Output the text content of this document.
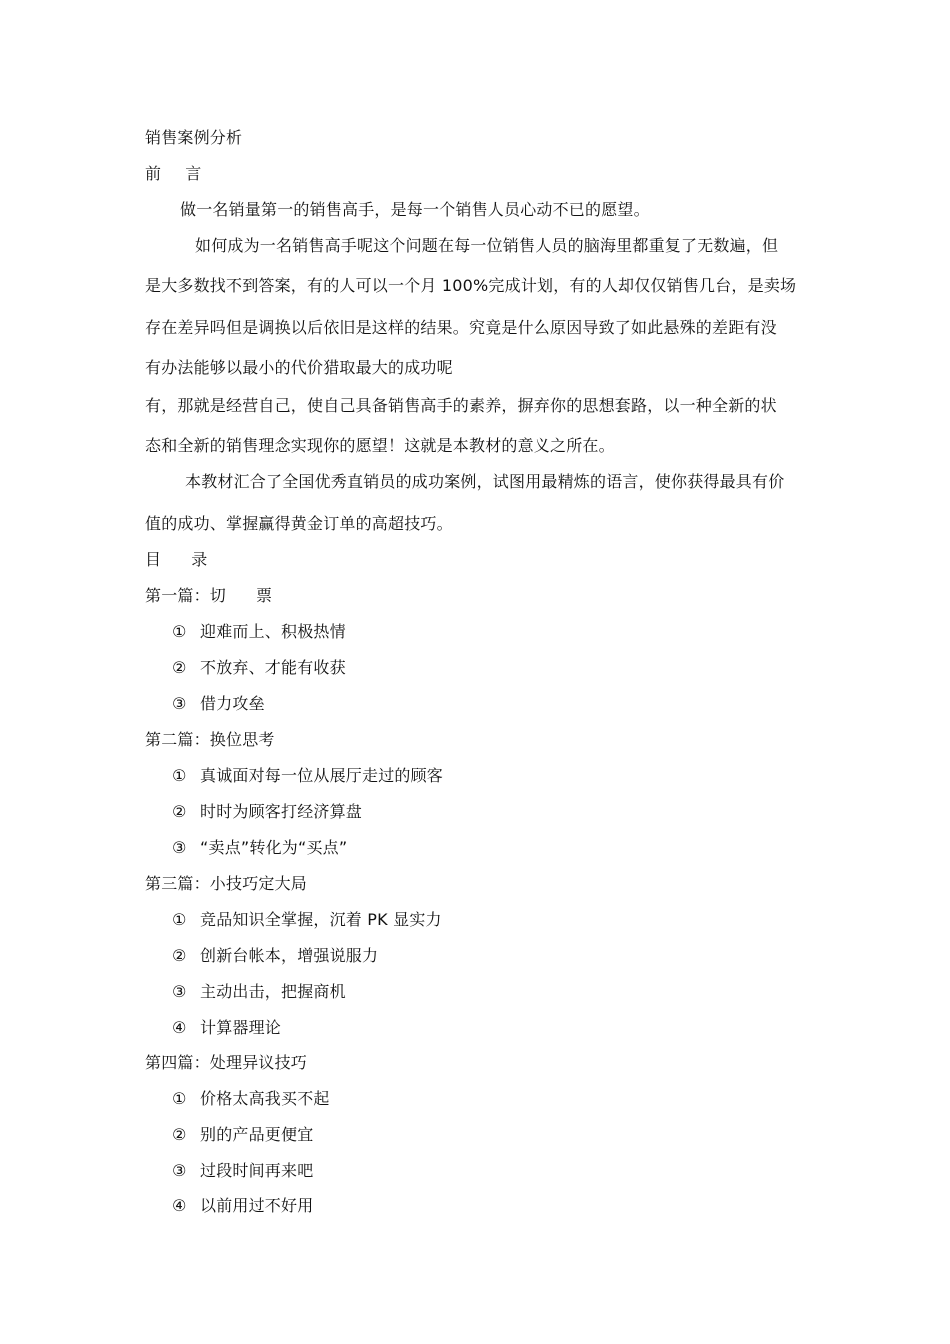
销售案例分析
前 言
做一名销量第一的销售高手，是每一个销售人员心动不已的愿望。
如何成为一名销售高手呢这个问题在每一位销售人员的脑海里都重复了无数遍，但
是大多数找不到答案，有的人可以一个月 100%完成计划，有的人却仅仅销售几台，是卖场
存在差异吗但是调换以后依旧是这样的结果。究竟是什么原因导致了如此悬殊的差距有没
有办法能够以最小的代价猎取最大的成功呢
有，那就是经营自己，使自己具备销售高手的素养，摒弃你的思想套路，以一种全新的状
态和全新的销售理念实现你的愿望！这就是本教材的意义之所在。
本教材汇合了全国优秀直销员的成功案例，试图用最精炼的语言，使你获得最具有价
值的成功、掌握赢得黄金订单的高超技巧。
目 录
第一篇：切 票
① 迎难而上、积极热情
② 不放弃、才能有收获
③ 借力攻垒
第二篇：换位思考
① 真诚面对每一位从展厅走过的顾客
② 时时为顾客打经济算盘
③ “卖点”转化为“买点”
第三篇：小技巧定大局
① 竞品知识全掌握，沉着 PK 显实力
② 创新台帐本，增强说服力
③ 主动出击，把握商机
④ 计算器理论
第四篇：处理异议技巧
① 价格太高我买不起
② 别的产品更便宜
③ 过段时间再来吧
④ 以前用过不好用
